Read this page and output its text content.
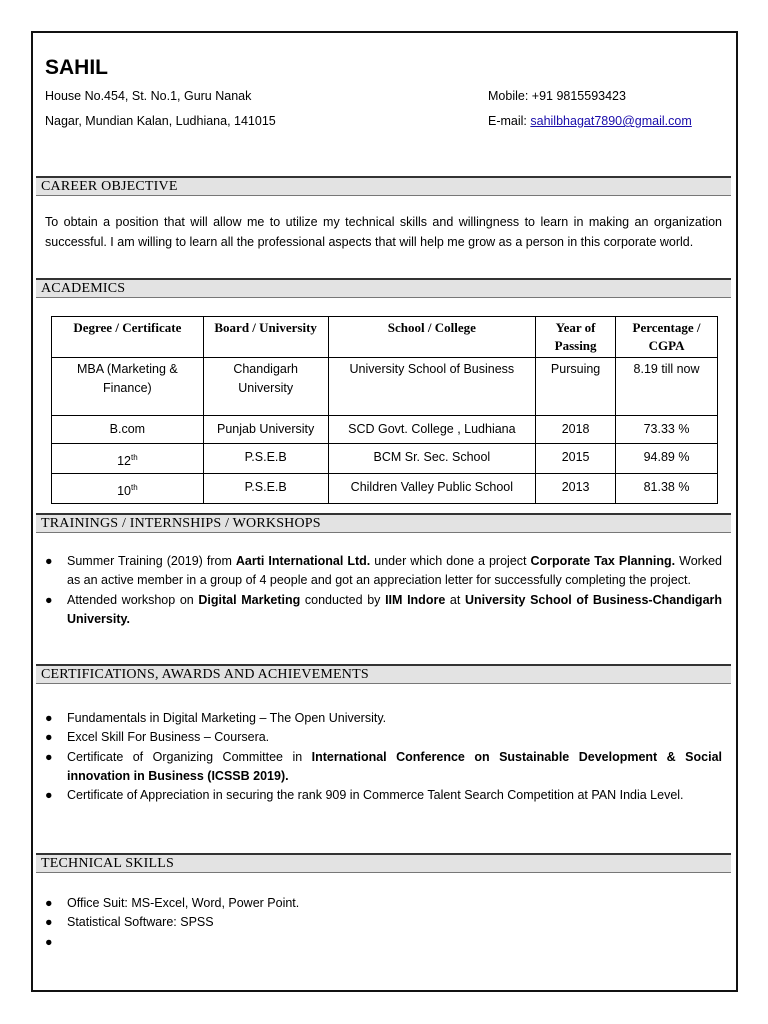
SAHIL
House No.454, St. No.1, Guru Nanak
Nagar, Mundian Kalan, Ludhiana, 141015
Mobile: +91 9815593423
E-mail: sahilbhagat7890@gmail.com
CAREER OBJECTIVE
To obtain a position that will allow me to utilize my technical skills and willingness to learn in making an organization successful. I am willing to learn all the professional aspects that will help me grow as a person in this corporate world.
ACADEMICS
Degree / Certificate	Board / University	School / College	Year of Passing	Percentage / CGPA
MBA (Marketing & Finance)	Chandigarh University	University School of Business	Pursuing	8.19 till now
B.com	Punjab University	SCD Govt. College , Ludhiana	2018	73.33 %
12th	P.S.E.B	BCM Sr. Sec. School	2015	94.89 %
10th	P.S.E.B	Children Valley Public School	2013	81.38 %
TRAININGS / INTERNSHIPS / WORKSHOPS
● Summer Training (2019) from Aarti International Ltd. under which done a project Corporate Tax Planning. Worked as an active member in a group of 4 people and got an appreciation letter for successfully completing the project.
● Attended workshop on Digital Marketing conducted by IIM Indore at University School of Business-Chandigarh University.
CERTIFICATIONS, AWARDS AND ACHIEVEMENTS
● Fundamentals in Digital Marketing – The Open University.
● Excel Skill For Business – Coursera.
● Certificate of Organizing Committee in International Conference on Sustainable Development & Social innovation in Business (ICSSB 2019).
● Certificate of Appreciation in securing the rank 909 in Commerce Talent Search Competition at PAN India Level.
TECHNICAL SKILLS
● Office Suit: MS-Excel, Word, Power Point.
● Statistical Software: SPSS
●
